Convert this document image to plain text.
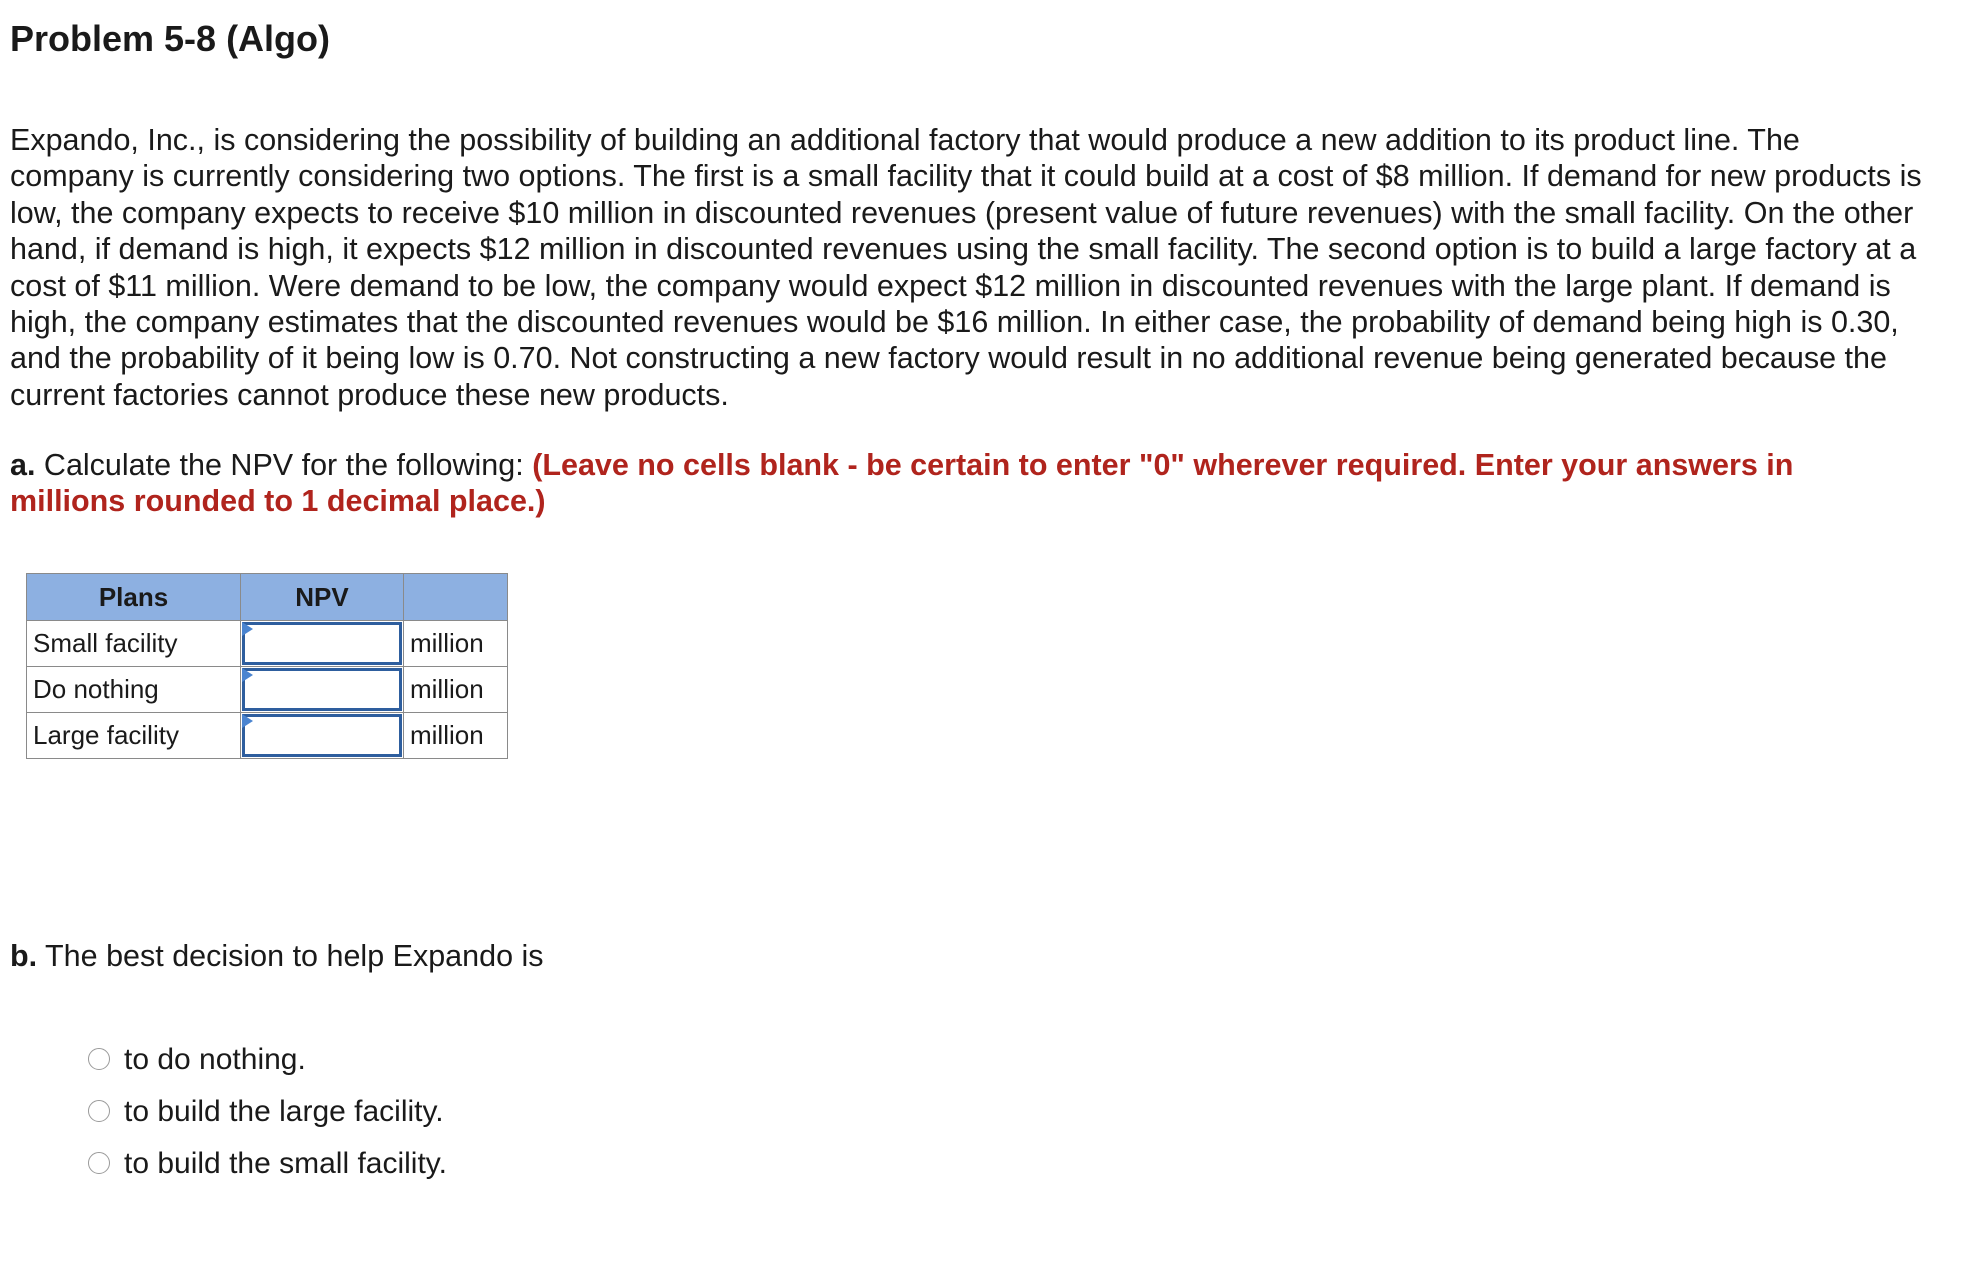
Problem 5-8 (Algo)

Expando, Inc., is considering the possibility of building an additional factory that would produce a new addition to its product line. The company is currently considering two options. The first is a small facility that it could build at a cost of $8 million. If demand for new products is low, the company expects to receive $10 million in discounted revenues (present value of future revenues) with the small facility. On the other hand, if demand is high, it expects $12 million in discounted revenues using the small facility. The second option is to build a large factory at a cost of $11 million. Were demand to be low, the company would expect $12 million in discounted revenues with the large plant. If demand is high, the company estimates that the discounted revenues would be $16 million. In either case, the probability of demand being high is 0.30, and the probability of it being low is 0.70. Not constructing a new factory would result in no additional revenue being generated because the current factories cannot produce these new products.

a. Calculate the NPV for the following: (Leave no cells blank - be certain to enter "0" wherever required. Enter your answers in millions rounded to 1 decimal place.)

Plans	NPV	
Small facility		million
Do nothing		million
Large facility		million

b. The best decision to help Expando is

to do nothing.
to build the large facility.
to build the small facility.
